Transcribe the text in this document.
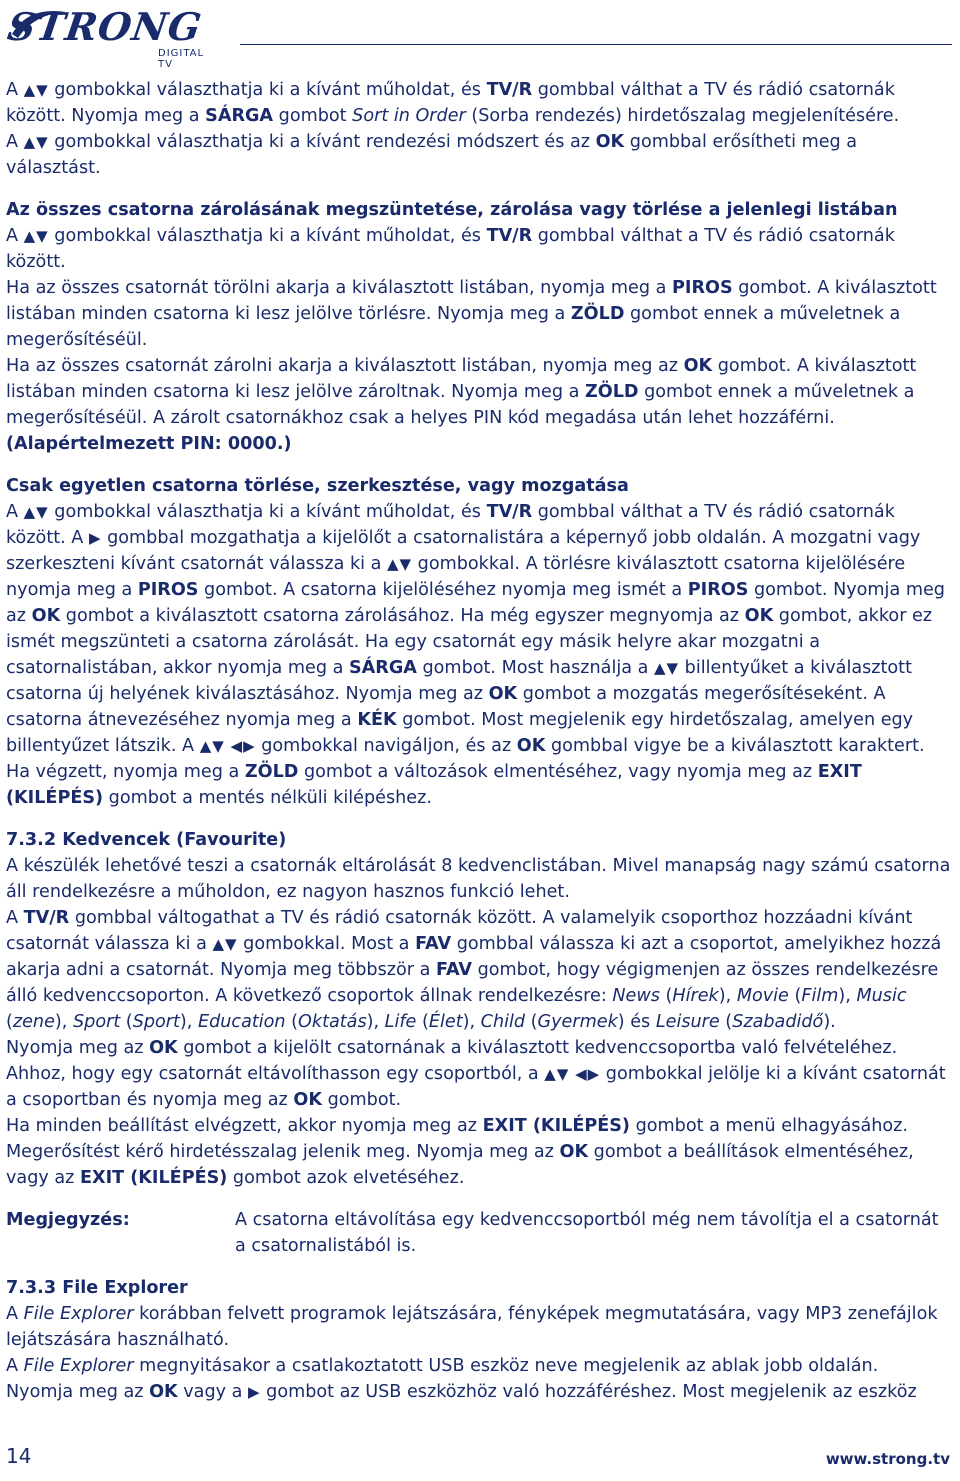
STRONG
DIGITAL TV

A ▲▼ gombokkal választhatja ki a kívánt műholdat, és TV/R gombbal válthat a TV és rádió csatornák között. Nyomja meg a SÁRGA gombot Sort in Order (Sorba rendezés) hirdetőszalag megjelenítésére.
A ▲▼ gombokkal választhatja ki a kívánt rendezési módszert és az OK gombbal erősítheti meg a választást.

Az összes csatorna zárolásának megszüntetése, zárolása vagy törlése a jelenlegi listában

A ▲▼ gombokkal választhatja ki a kívánt műholdat, és TV/R gombbal válthat a TV és rádió csatornák között.
Ha az összes csatornát törölni akarja a kiválasztott listában, nyomja meg a PIROS gombot. A kiválasztott listában minden csatorna ki lesz jelölve törlésre. Nyomja meg a ZÖLD gombot ennek a műveletnek a megerősítéséül.
Ha az összes csatornát zárolni akarja a kiválasztott listában, nyomja meg az OK gombot. A kiválasztott listában minden csatorna ki lesz jelölve zároltnak. Nyomja meg a ZÖLD gombot ennek a műveletnek a megerősítéséül. A zárolt csatornákhoz csak a helyes PIN kód megadása után lehet hozzáférni.
(Alapértelmezett PIN: 0000.)

Csak egyetlen csatorna törlése, szerkesztése, vagy mozgatása

A ▲▼ gombokkal választhatja ki a kívánt műholdat, és TV/R gombbal válthat a TV és rádió csatornák között. A ▶ gombbal mozgathatja a kijelölőt a csatornalistára a képernyő jobb oldalán. A mozgatni vagy szerkeszteni kívánt csatornát válassza ki a ▲▼ gombokkal. A törlésre kiválasztott csatorna kijelölésére nyomja meg a PIROS gombot. A csatorna kijelöléséhez nyomja meg ismét a PIROS gombot. Nyomja meg az OK gombot a kiválasztott csatorna zárolásához. Ha még egyszer megnyomja az OK gombot, akkor ez ismét megszünteti a csatorna zárolását. Ha egy csatornát egy másik helyre akar mozgatni a csatornalistában, akkor nyomja meg a SÁRGA gombot. Most használja a ▲▼ billentyűket a kiválasztott csatorna új helyének kiválasztásához. Nyomja meg az OK gombot a mozgatás megerősítéseként. A csatorna átnevezéséhez nyomja meg a KÉK gombot. Most megjelenik egy hirdetőszalag, amelyen egy billentyűzet látszik. A ▲▼ ◀▶ gombokkal navigáljon, és az OK gombbal vigye be a kiválasztott karaktert. Ha végzett, nyomja meg a ZÖLD gombot a változások elmentéséhez, vagy nyomja meg az EXIT (KILÉPÉS) gombot a mentés nélküli kilépéshez.

7.3.2 Kedvencek (Favourite)

A készülék lehetővé teszi a csatornák eltárolását 8 kedvenclistában. Mivel manapság nagy számú csatorna áll rendelkezésre a műholdon, ez nagyon hasznos funkció lehet.
A TV/R gombbal váltogathat a TV és rádió csatornák között. A valamelyik csoporthoz hozzáadni kívánt csatornát válassza ki a ▲▼ gombokkal. Most a FAV gombbal válassza ki azt a csoportot, amelyikhez hozzá akarja adni a csatornát. Nyomja meg többször a FAV gombot, hogy végigmenjen az összes rendelkezésre álló kedvenccsoporton. A következő csoportok állnak rendelkezésre: News (Hírek), Movie (Film), Music (zene), Sport (Sport), Education (Oktatás), Life (Élet), Child (Gyermek) és Leisure (Szabadidő).
Nyomja meg az OK gombot a kijelölt csatornának a kiválasztott kedvenccsoportba való felvételéhez.
Ahhoz, hogy egy csatornát eltávolíthasson egy csoportból, a ▲▼ ◀▶ gombokkal jelölje ki a kívánt csatornát a csoportban és nyomja meg az OK gombot.
Ha minden beállítást elvégzett, akkor nyomja meg az EXIT (KILÉPÉS) gombot a menü elhagyásához. Megerősítést kérő hirdetésszalag jelenik meg. Nyomja meg az OK gombot a beállítások elmentéséhez, vagy az EXIT (KILÉPÉS) gombot azok elvetéséhez.

Megjegyzés:	A csatorna eltávolítása egy kedvenccsoportból még nem távolítja el a csatornát a csatornalistából is.

7.3.3 File Explorer

A File Explorer korábban felvett programok lejátszására, fényképek megmutatására, vagy MP3 zenefájlok lejátszására használható.
A File Explorer megnyitásakor a csatlakoztatott USB eszköz neve megjelenik az ablak jobb oldalán.
Nyomja meg az OK vagy a ▶ gombot az USB eszközhöz való hozzáféréshez. Most megjelenik az eszköz

14	www.strong.tv
